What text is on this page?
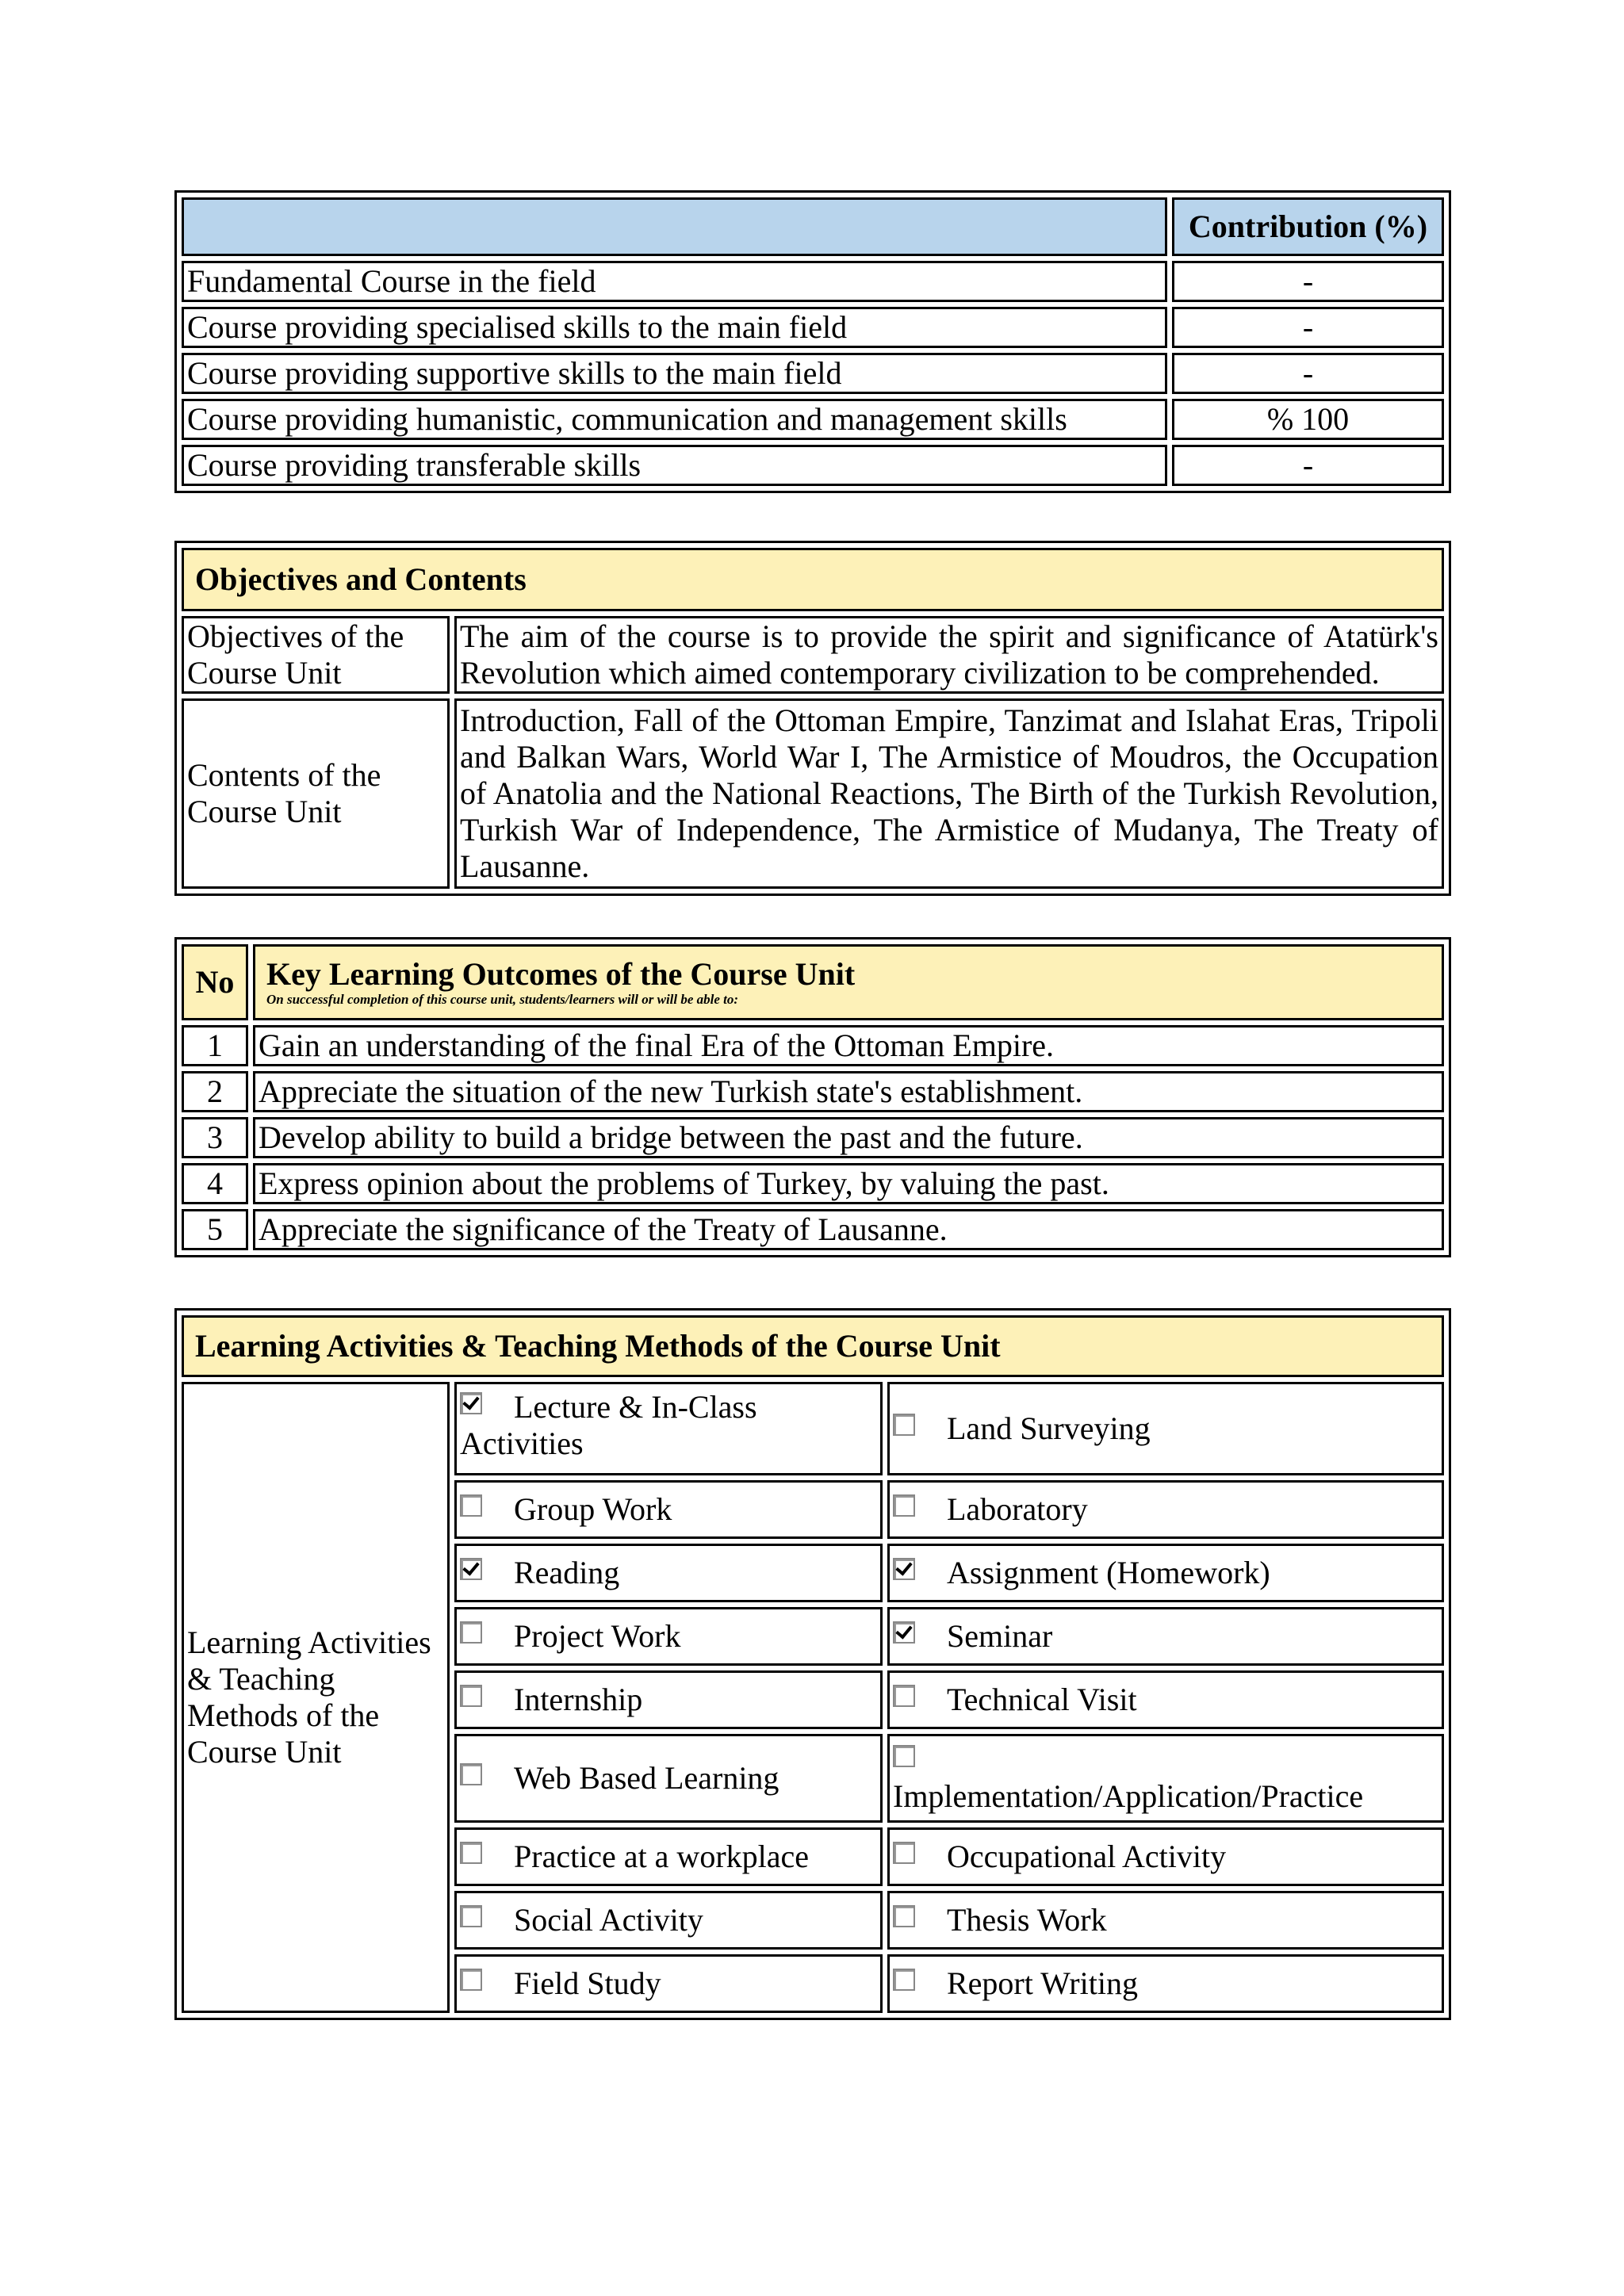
	Contribution (%)
Fundamental Course in the field	-
Course providing specialised skills to the main field	-
Course providing supportive skills to the main field	-
Course providing humanistic, communication and management skills	% 100
Course providing transferable skills	-
Objectives and Contents	
Objectives of the Course Unit	The aim of the course is to provide the spirit and significance of Atatürk's Revolution which aimed contemporary civilization to be comprehended.
Contents of the Course Unit	Introduction, Fall of the Ottoman Empire, Tanzimat and Islahat Eras, Tripoli and Balkan Wars, World War I, The Armistice of Moudros, the Occupation of Anatolia and the National Reactions, The Birth of the Turkish Revolution, Turkish War of Independence, The Armistice of Mudanya, The Treaty of Lausanne.
No	Key Learning Outcomes of the Course Unit
On successful completion of this course unit, students/learners will or will be able to:

1	Gain an understanding of the final Era of the Ottoman Empire.
2	Appreciate the situation of the new Turkish state's establishment.
3	Develop ability to build a bridge between the past and the future.
4	Express opinion about the problems of Turkey, by valuing the past.
5	Appreciate the significance of the Treaty of Lausanne.
Learning Activities & Teaching Methods of the Course Unit		
Learning Activities & Teaching Methods of the Course Unit	Lecture & In-Class Activities	Land Surveying
	Group Work	Laboratory
	Reading	Assignment (Homework)
	Project Work	Seminar
	Internship	Technical Visit
	Web Based Learning	Implementation/Application/Practice
	Practice at a workplace	Occupational Activity
	Social Activity	Thesis Work
	Field Study	Report Writing
